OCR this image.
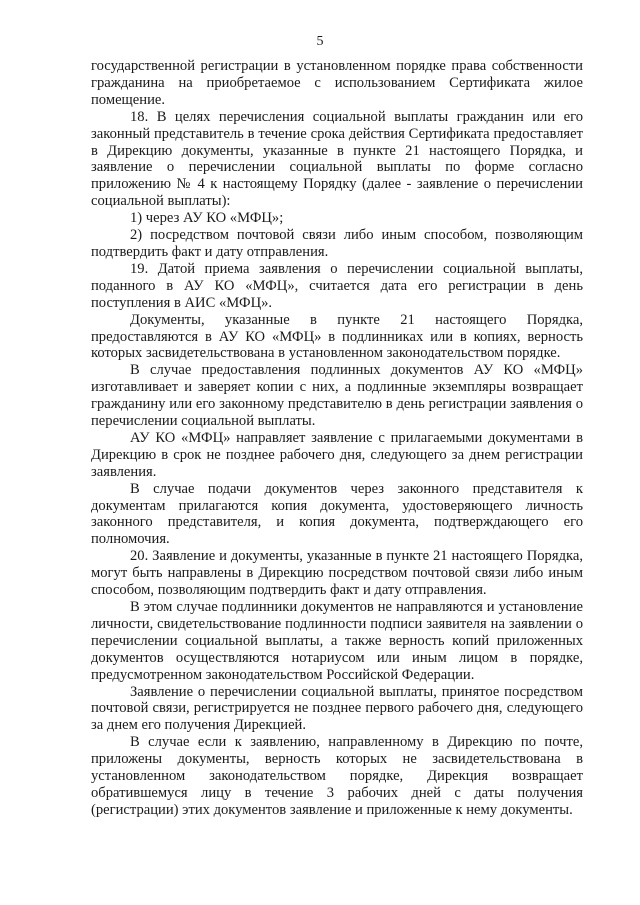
5

государственной регистрации в установленном порядке права собственности гражданина на приобретаемое с использованием Сертификата жилое помещение.

18. В целях перечисления социальной выплаты гражданин или его законный представитель в течение срока действия Сертификата предоставляет в Дирекцию документы, указанные в пункте 21 настоящего Порядка, и заявление о перечислении социальной выплаты по форме согласно приложению № 4 к настоящему Порядку (далее - заявление о перечислении социальной выплаты):

1) через АУ КО «МФЦ»;

2) посредством почтовой связи либо иным способом, позволяющим подтвердить факт и дату отправления.

19. Датой приема заявления о перечислении социальной выплаты, поданного в АУ КО «МФЦ», считается дата его регистрации в день поступления в АИС «МФЦ».

Документы, указанные в пункте 21 настоящего Порядка, предоставляются в АУ КО «МФЦ» в подлинниках или в копиях, верность которых засвидетельствована в установленном законодательством порядке.

В случае предоставления подлинных документов АУ КО «МФЦ» изготавливает и заверяет копии с них, а подлинные экземпляры возвращает гражданину или его законному представителю в день регистрации заявления о перечислении социальной выплаты.

АУ КО «МФЦ» направляет заявление с прилагаемыми документами в Дирекцию в срок не позднее рабочего дня, следующего за днем регистрации заявления.

В случае подачи документов через законного представителя к документам прилагаются копия документа, удостоверяющего личность законного представителя, и копия документа, подтверждающего его полномочия.

20. Заявление и документы, указанные в пункте 21 настоящего Порядка, могут быть направлены в Дирекцию посредством почтовой связи либо иным способом, позволяющим подтвердить факт и дату отправления.

В этом случае подлинники документов не направляются и установление личности, свидетельствование подлинности подписи заявителя на заявлении о перечислении социальной выплаты, а также верность копий приложенных документов осуществляются нотариусом или иным лицом в порядке, предусмотренном законодательством Российской Федерации.

Заявление о перечислении социальной выплаты, принятое посредством почтовой связи, регистрируется не позднее первого рабочего дня, следующего за днем его получения Дирекцией.

В случае если к заявлению, направленному в Дирекцию по почте, приложены документы, верность которых не засвидетельствована в установленном законодательством порядке, Дирекция возвращает обратившемуся лицу в течение 3 рабочих дней с даты получения (регистрации) этих документов заявление и приложенные к нему документы.
